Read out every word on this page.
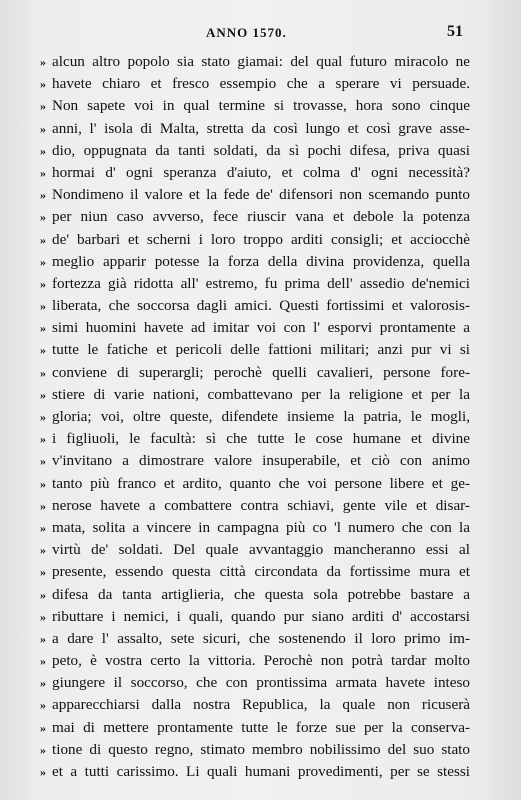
ANNO 1570.	51
» alcun altro popolo sia stato giamai: del qual futuro miracolo ne
» havete chiaro et fresco essempio che a sperare vi persuade.
» Non sapete voi in qual termine si trovasse, hora sono cinque
» anni, l' isola di Malta, stretta da così lungo et così grave asse-
» dio, oppugnata da tanti soldati, da sì pochi difesa, priva quasi
» hormai d' ogni speranza d'aiuto, et colma d' ogni necessità?
» Nondimeno il valore et la fede de' difensori non scemando punto
» per niun caso avverso, fece riuscir vana et debole la potenza
» de' barbari et scherni i loro troppo arditi consigli; et acciocchè
» meglio apparir potesse la forza della divina providenza, quella
» fortezza già ridotta all' estremo, fu prima dell' assedio de'nemici
» liberata, che soccorsa dagli amici. Questi fortissimi et valorosis-
» simi huomini havete ad imitar voi con l' esporvi prontamente a
» tutte le fatiche et pericoli delle fattioni militari; anzi pur vi si
» conviene di superargli; perochè quelli cavalieri, persone fore-
» stiere di varie nationi, combattevano per la religione et per la
» gloria; voi, oltre queste, difendete insieme la patria, le mogli,
» i figliuoli, le facultà: sì che tutte le cose humane et divine
» v'invitano a dimostrare valore insuperabile, et ciò con animo
» tanto più franco et ardito, quanto che voi persone libere et ge-
» nerose havete a combattere contra schiavi, gente vile et disar-
» mata, solita a vincere in campagna più co 'l numero che con la
» virtù de' soldati. Del quale avvantaggio mancheranno essi al
» presente, essendo questa città circondata da fortissime mura et
» difesa da tanta artiglieria, che questa sola potrebbe bastare a
» ributtare i nemici, i quali, quando pur siano arditi d' accostarsi
» a dare l' assalto, sete sicuri, che sostenendo il loro primo im-
» peto, è vostra certo la vittoria. Perochè non potrà tardar molto
» giungere il soccorso, che con prontissima armata havete inteso
» apparecchiarsi dalla nostra Republica, la quale non ricuserà
» mai di mettere prontamente tutte le forze sue per la conserva-
» tione di questo regno, stimato membro nobilissimo del suo stato
» et a tutti carissimo. Li quali humani provedimenti, per se stessi
